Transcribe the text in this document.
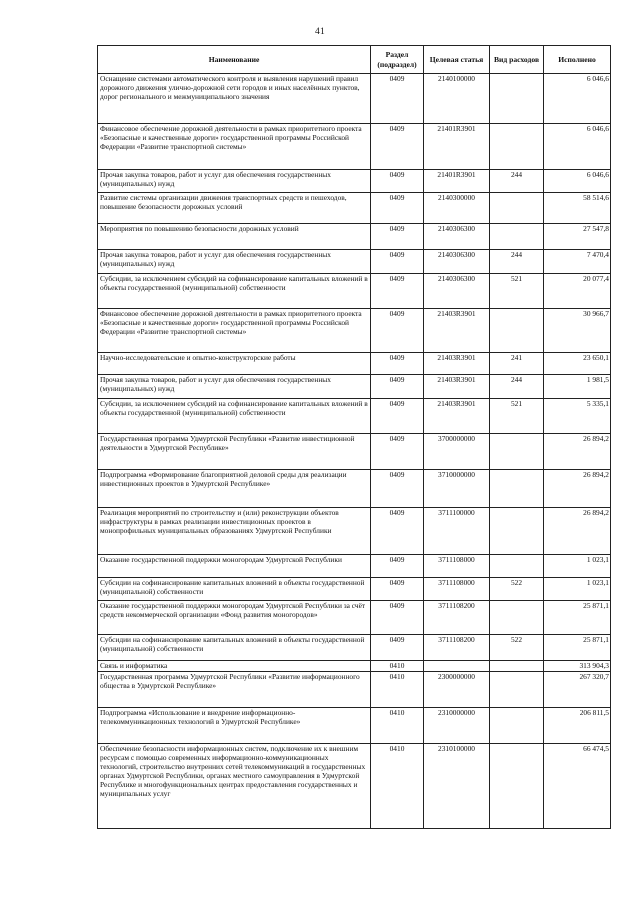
41
Наименование	Раздел (подраздел)	Целевая статья	Вид расходов	Исполнено
Оснащение системами автоматического контроля и выявления нарушений правил дорожного движения улично-дорожной сети городов и иных населённых пунктов, дорог регионального и межмуниципального значения	0409	2140100000		6 046,6
Финансовое обеспечение дорожной деятельности в рамках приоритетного проекта «Безопасные и качественные дороги» государственной программы Российской Федерации «Развитие транспортной системы»	0409	21401R3901		6 046,6
Прочая закупка товаров, работ и услуг для обеспечения государственных (муниципальных) нужд	0409	21401R3901	244	6 046,6
Развитие системы организации движения транспортных средств и пешеходов, повышение безопасности дорожных условий	0409	2140300000		58 514,6
Мероприятия по повышению безопасности дорожных условий	0409	2140306300		27 547,8
Прочая закупка товаров, работ и услуг для обеспечения государственных (муниципальных) нужд	0409	2140306300	244	7 470,4
Субсидии, за исключением субсидий на софинансирование капитальных вложений в объекты государственной (муниципальной) собственности	0409	2140306300	521	20 077,4
Финансовое обеспечение дорожной деятельности в рамках приоритетного проекта «Безопасные и качественные дороги» государственной программы Российской Федерации «Развитие транспортной системы»	0409	21403R3901		30 966,7
Научно-исследовательские и опытно-конструкторские работы	0409	21403R3901	241	23 650,1
Прочая закупка товаров, работ и услуг для обеспечения государственных (муниципальных) нужд	0409	21403R3901	244	1 981,5
Субсидии, за исключением субсидий на софинансирование капитальных вложений в объекты государственной (муниципальной) собственности	0409	21403R3901	521	5 335,1
Государственная программа Удмуртской Республики «Развитие инвестиционной деятельности в Удмуртской Республике»	0409	3700000000		26 894,2
Подпрограмма «Формирование благоприятной деловой среды для реализации инвестиционных проектов в Удмуртской Республике»	0409	3710000000		26 894,2
Реализация мероприятий по строительству и (или) реконструкции объектов инфраструктуры в рамках реализации инвестиционных проектов в монопрофильных муниципальных образованиях Удмуртской Республики	0409	3711100000		26 894,2
Оказание государственной поддержки моногородам Удмуртской Республики	0409	3711108000		1 023,1
Субсидии на софинансирование капитальных вложений в объекты государственной (муниципальной) собственности	0409	3711108000	522	1 023,1
Оказание государственной поддержки моногородам Удмуртской Республики за счёт средств некоммерческой организации «Фонд развития моногородов»	0409	3711108200		25 871,1
Субсидии на софинансирование капитальных вложений в объекты государственной (муниципальной) собственности	0409	3711108200	522	25 871,1
Связь и информатика	0410			313 904,3
Государственная программа Удмуртской Республики «Развитие информационного общества в Удмуртской Республике»	0410	2300000000		267 320,7
Подпрограмма «Использование и внедрение информационно-телекоммуникационных технологий в Удмуртской Республике»	0410	2310000000		206 811,5
Обеспечение безопасности информационных систем, подключение их к внешним ресурсам с помощью современных информационно-коммуникационных технологий, строительство внутренних сетей телекоммуникаций в государственных органах Удмуртской Республики, органах местного самоуправления в Удмуртской Республике и многофункциональных центрах предоставления государственных и муниципальных услуг	0410	2310100000		66 474,5
